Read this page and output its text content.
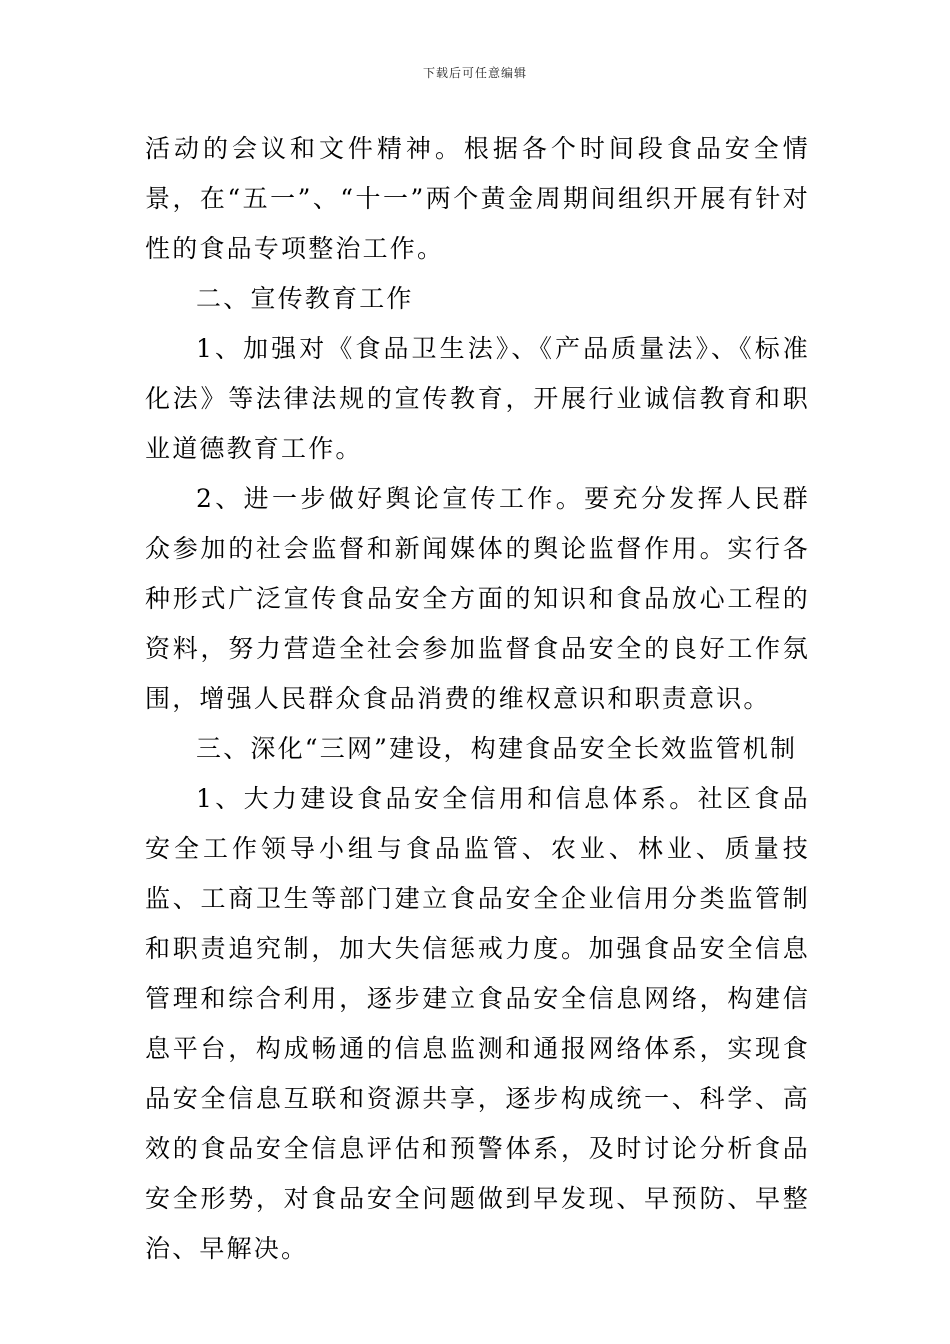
下载后可任意编辑

活动的会议和文件精神。根据各个时间段食品安全情景，在“五一”、“十一”两个黄金周期间组织开展有针对性的食品专项整治工作。

二、宣传教育工作

1、加强对《食品卫生法》、《产品质量法》、《标准化法》等法律法规的宣传教育，开展行业诚信教育和职业道德教育工作。

2、进一步做好舆论宣传工作。要充分发挥人民群众参加的社会监督和新闻媒体的舆论监督作用。实行各种形式广泛宣传食品安全方面的知识和食品放心工程的资料，努力营造全社会参加监督食品安全的良好工作氛围，增强人民群众食品消费的维权意识和职责意识。

三、深化“三网”建设，构建食品安全长效监管机制

1、大力建设食品安全信用和信息体系。社区食品安全工作领导小组与食品监管、农业、林业、质量技监、工商卫生等部门建立食品安全企业信用分类监管制和职责追究制，加大失信惩戒力度。加强食品安全信息管理和综合利用，逐步建立食品安全信息网络，构建信息平台，构成畅通的信息监测和通报网络体系，实现食品安全信息互联和资源共享，逐步构成统一、科学、高效的食品安全信息评估和预警体系，及时讨论分析食品安全形势，对食品安全问题做到早发现、早预防、早整治、早解决。
